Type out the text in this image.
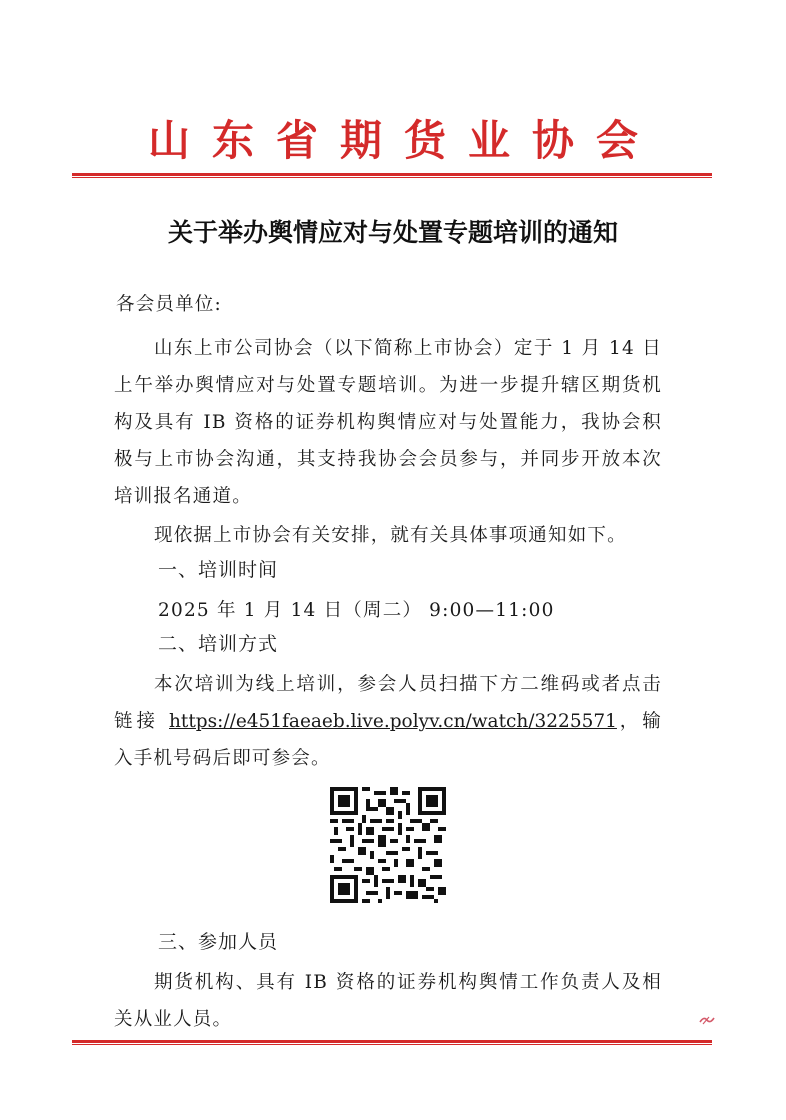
山东省期货业协会
关于举办舆情应对与处置专题培训的通知
各会员单位:
山东上市公司协会（以下简称上市协会）定于 1 月 14 日上午举办舆情应对与处置专题培训。为进一步提升辖区期货机构及具有 IB 资格的证券机构舆情应对与处置能力，我协会积极与上市协会沟通，其支持我协会会员参与，并同步开放本次培训报名通道。
现依据上市协会有关安排，就有关具体事项通知如下。
一、培训时间
2025 年 1 月 14 日（周二） 9:00—11:00
二、培训方式
本次培训为线上培训，参会人员扫描下方二维码或者点击链接 https://e451faeaeb.live.polyv.cn/watch/3225571，输入手机号码后即可参会。
三、参加人员
期货机构、具有 IB 资格的证券机构舆情工作负责人及相关从业人员。
